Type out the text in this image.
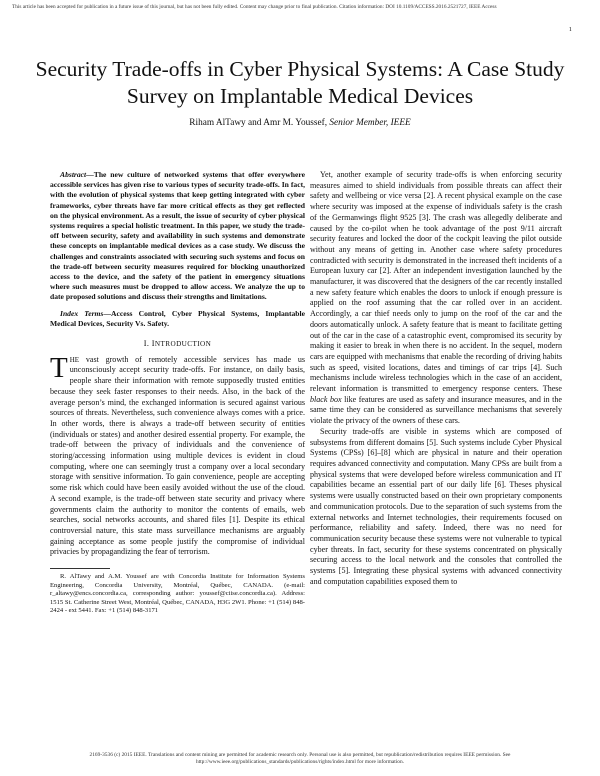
This article has been accepted for publication in a future issue of this journal, but has not been fully edited. Content may change prior to final publication. Citation information: DOI 10.1109/ACCESS.2016.2521727, IEEE Access
1
Security Trade-offs in Cyber Physical Systems: A Case Study Survey on Implantable Medical Devices
Riham AlTawy and Amr M. Youssef, Senior Member, IEEE

Abstract—The new culture of networked systems that offer everywhere accessible services has given rise to various types of security trade-offs. In fact, with the evolution of physical systems that keep getting integrated with cyber frameworks, cyber threats have far more critical effects as they get reflected on the physical environment. As a result, the issue of security of cyber physical systems requires a special holistic treatment. In this paper, we study the trade-off between security, safety and availability in such systems and demonstrate these concepts on implantable medical devices as a case study. We discuss the challenges and constraints associated with securing such systems and focus on the trade-off between security measures required for blocking unauthorized access to the device, and the safety of the patient in emergency situations where such measures must be dropped to allow access. We analyze the up to date proposed solutions and discuss their strengths and limitations.

Index Terms—Access Control, Cyber Physical Systems, Implantable Medical Devices, Security Vs. Safety.

I. INTRODUCTION

THE vast growth of remotely accessible services has made us unconsciously accept security trade-offs. For instance, on daily basis, people share their information with remote supposedly trusted entities because they seek faster responses to their needs. Also, in the back of the average person’s mind, the exchanged information is secured against various sources of threats. Nevertheless, such convenience always comes with a price. In other words, there is always a trade-off between security of entities (individuals or states) and another desired essential property. For example, the trade-off between the privacy of individuals and the convenience of storing/accessing information using multiple devices is evident in cloud computing, where one can seemingly trust a company over a local secondary storage with sensitive information. To gain convenience, people are accepting some risk which could have been easily avoided without the use of the cloud. A second example, is the trade-off between state security and privacy where governments claim the authority to monitor the contents of emails, web searches, social networks accounts, and shared files [1]. Despite its ethical controversial nature, this state mass surveillance mechanisms are arguably gaining acceptance as some people justify the compromise of individual privacies by propagandizing the fear of terrorism.

R. AlTawy and A.M. Youssef are with Concordia Institute for Information Systems Engineering, Concordia University, Montréal, Québec, CANADA. (e-mail: r_altawy@encs.concordia.ca, corresponding author: youssef@ciise.concordia.ca). Address: 1515 St. Catherine Street West, Montréal, Québec, CANADA, H3G 2W1. Phone: +1 (514) 848-2424 - ext 5441. Fax: +1 (514) 848-3171

Yet, another example of security trade-offs is when enforcing security measures aimed to shield individuals from possible threats can affect their safety and wellbeing or vice versa [2]. A recent physical example on the case where security was imposed at the expense of individuals safety is the crash of the Germanwings flight 9525 [3]. The crash was allegedly deliberate and caused by the co-pilot when he took advantage of the post 9/11 aircraft security features and locked the door of the cockpit leaving the pilot outside without any means of getting in. Another case where safety procedures contradicted with security is demonstrated in the increased theft incidents of a European luxury car [2]. After an independent investigation launched by the manufacturer, it was discovered that the designers of the car recently installed a new safety feature which enables the doors to unlock if enough pressure is applied on the roof assuming that the car rolled over in an accident. Accordingly, a car thief needs only to jump on the roof of the car and the doors automatically unlock. A safety feature that is meant to facilitate getting out of the car in the case of a catastrophic event, compromised its security by making it easier to break in when there is no accident. In the sequel, modern cars are equipped with mechanisms that enable the recording of driving habits such as speed, visited locations, dates and timings of car trips [4]. Such mechanisms include wireless technologies which in the case of an accident, relevant information is transmitted to emergency response centers. These black box like features are used as safety and insurance measures, and in the same time they can be considered as surveillance mechanisms that severely violate the privacy of the owners of these cars.

Security trade-offs are visible in systems which are composed of subsystems from different domains [5]. Such systems include Cyber Physical Systems (CPSs) [6]–[8] which are physical in nature and their operation requires advanced connectivity and computation. Many CPSs are built from a physical systems that were developed before wireless communication and IT capabilities became an essential part of our daily life [6]. Theses physical systems were usually constructed based on their own proprietary components and communication protocols. Due to the separation of such systems from the external networks and Internet technologies, their requirements focused on performance, reliability and safety. Indeed, there was no need for communication security because these systems were not vulnerable to typical cyber threats. In fact, security for these systems concentrated on physically securing access to the local network and the consoles that controlled the systems [5]. Integrating these physical systems with advanced connectivity and computation capabilities exposed them to

2169-3536 (c) 2015 IEEE. Translations and content mining are permitted for academic research only. Personal use is also permitted, but republication/redistribution requires IEEE permission. See
http://www.ieee.org/publications_standards/publications/rights/index.html for more information.
